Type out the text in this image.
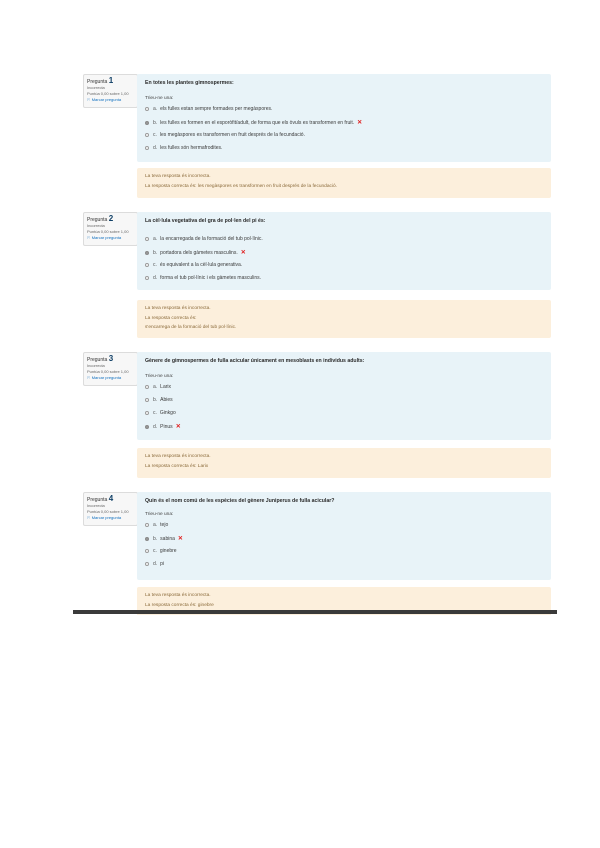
Pregunta 1
Incorrecta
Puntúa 0,00 sobre 1,00
⚐ Marcar pregunta
En totes les plantes gimnospermes:
Trieu-ne una:
a. els fulles estan sempre formades per megàspores.
b. les fulles es formen en el esporòfit/adult, de forma que els òvuls es transformen en fruit. ✕
c. les megàspores es transformen en fruit després de la fecundació.
d. les fulles són hermafrodites.
La teva resposta és incorrecta.
La resposta correcta és: les megàspores es transformen en fruit després de la fecundació.
Pregunta 2
Incorrecta
Puntúa 0,00 sobre 1,00
⚐ Marcar pregunta
La cèl·lula vegetativa del gra de pol·len del pi és:
a. la encarregada de la formació del tub pol·línic.
b. portadora dels gàmetes masculins. ✕
c. és equivalent a la cèl·lula generativa.
d. forma el tub pol·línic i els gàmetes masculins.
La teva resposta és incorrecta.
La resposta correcta és:
s'encarrega de la formació del tub pol·línic.
Pregunta 3
Incorrecta
Puntúa 0,00 sobre 1,00
⚐ Marcar pregunta
Gènere de gimnospermes de fulla acicular únicament en mesoblasts en individus adults:
Trieu-ne una:
a. Larix
b. Abies
c. Ginkgo
d. Pinus ✕
La teva resposta és incorrecta.
La resposta correcta és: Larix
Pregunta 4
Incorrecta
Puntúa 0,00 sobre 1,00
⚐ Marcar pregunta
Quin és el nom comú de les espècies del gènere Juniperus de fulla acicular?
Trieu-ne una:
a. tejo
b. sabina ✕
c. ginebre
d. pi
La teva resposta és incorrecta.
La resposta correcta és: ginebre
